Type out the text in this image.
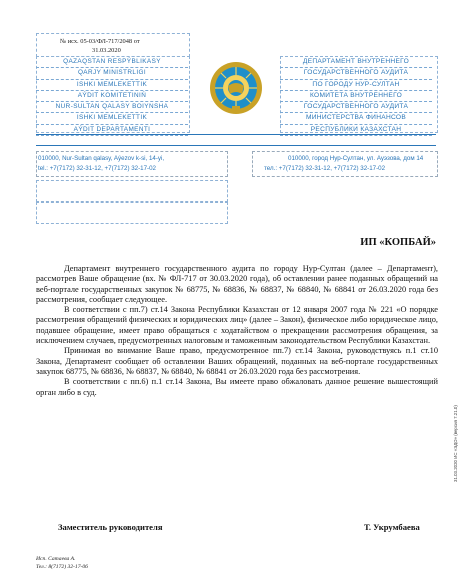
№ исх. 05-03/ФЛ-717/2048 от
31.03.2020
QAZAQSTAN RESPÝBLIKASY
QARJY MINISTRLIGI
ISHKI MEMLEKETTIK
AÝDIT KOMITETINIŃ
NUR-SULTAN QALASY BOIYNSHA
ISHKI MEMLEKETTIK
AÝDIT DEPARTAMENTI
ДЕПАРТАМЕНТ ВНУТРЕННЕГО
ГОСУДАРСТВЕННОГО АУДИТА
ПО ГОРОДУ НУР-СУЛТАН
КОМИТЕТА ВНУТРЕННЕГО
ГОСУДАРСТВЕННОГО АУДИТА
МИНИСТЕРСТВА ФИНАНСОВ
РЕСПУБЛИКИ КАЗАХСТАН
010000, Nur-Sultan qalasy, Aýezov k-si, 14-yi,
tel.: +7(7172) 32-31-12, +7(7172) 32-17-02
010000, город Нур-Султан, ул. Ауэзова, дом 14
тел.: +7(7172) 32-31-12, +7(7172) 32-17-02
ИП «КОПБАЙ»

Департамент внутреннего государственного аудита по городу Нур-Султан (далее – Департамент), рассмотрев Ваше обращение (вх. № ФЛ-717 от 30.03.2020 года), об оставлении ранее поданных обращений на веб-портале государственных закупок № 68775, № 68836, № 68837, № 68840, № 68841 от 26.03.2020 года без рассмотрения, сообщает следующее.

В соответствии с пп.7) ст.14 Закона Республики Казахстан от 12 января 2007 года № 221 «О порядке рассмотрения обращений физических и юридических лиц» (далее – Закон), физическое либо юридическое лицо, подавшее обращение, имеет право обращаться с ходатайством о прекращении рассмотрения обращения, за исключением случаев, предусмотренных налоговым и таможенным законодательством Республики Казахстан.

Принимая во внимание Ваше право, предусмотренное пп.7) ст.14 Закона, руководствуясь п.1 ст.10 Закона, Департамент сообщает об оставлении Ваших обращений, поданных на веб-портале государственных закупок 68775, № 68836, № 68837, № 68840, № 68841 от 26.03.2020 года без рассмотрения.

В соответствии с пп.6) п.1 ст.14 Закона, Вы имеете право обжаловать данное решение вышестоящий орган либо в суд.

Заместитель руководителя	Т. Укрумбаева
Исп. Сатаева А.
Тел.: 8(7172) 32-17-06
31.03.2020 ИС «ЭДО» (версия 7.21.0)
